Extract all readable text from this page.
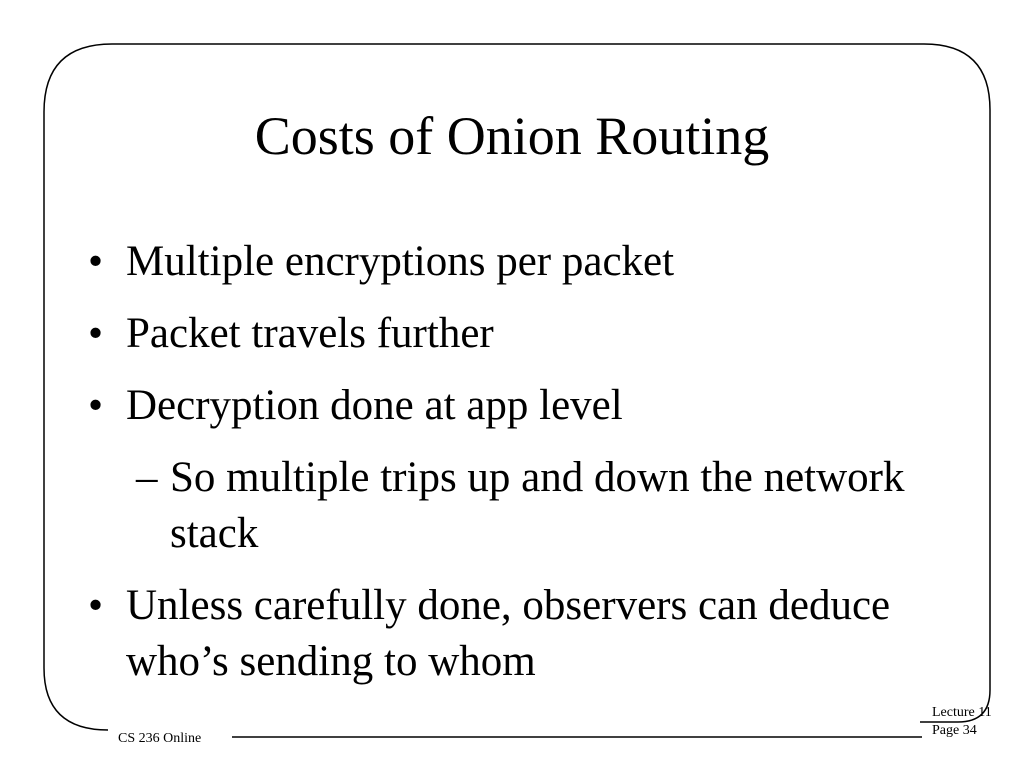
Costs of Onion Routing
• Multiple encryptions per packet
• Packet travels further
• Decryption done at app level
– So multiple trips up and down the network stack
• Unless carefully done, observers can deduce who’s sending to whom
CS 236 Online
Lecture 11
Page 34
